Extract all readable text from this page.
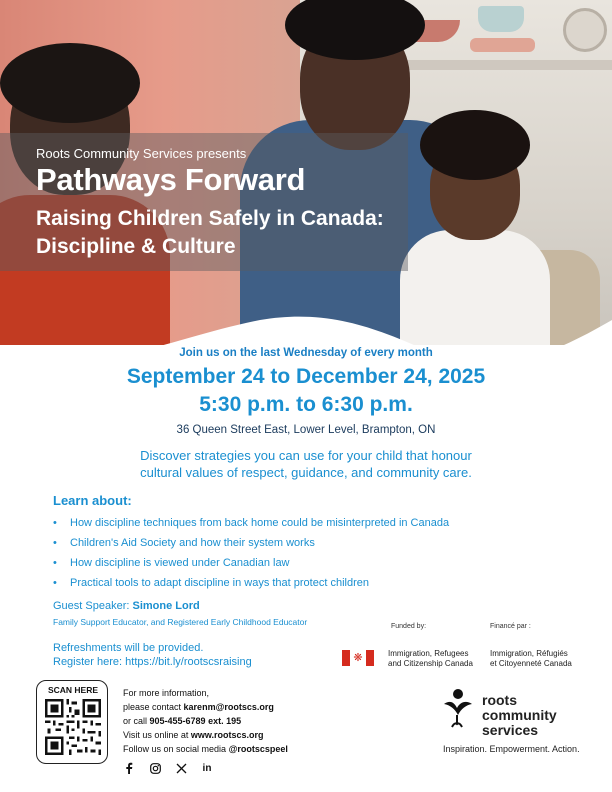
Roots Community Services presents
Pathways Forward
Raising Children Safely in Canada:
Discipline & Culture
Join us on the last Wednesday of every month
September 24 to December 24, 2025
5:30 p.m. to 6:30 p.m.
36 Queen Street East, Lower Level, Brampton, ON
Discover strategies you can use for your child that honour
cultural values of respect, guidance, and community care.
Learn about:
• How discipline techniques from back home could be misinterpreted in Canada
• Children's Aid Society and how their system works
• How discipline is viewed under Canadian law
• Practical tools to adapt discipline in ways that protect children
Guest Speaker: Simone Lord
Family Support Educator, and Registered Early Childhood Educator
Refreshments will be provided.
Register here: https://bit.ly/rootscsraising
Funded by:	Financé par :
❋	Immigration, Refugees
and Citizenship Canada
Immigration, Réfugiés
et Citoyenneté Canada
SCAN HERE	For more information,
please contact karenm@rootscs.org
or call 905-455-6789 ext. 195
Visit us online at www.rootscs.org
Follow us on social media @rootscspeel
in
roots
community
services
Inspiration. Empowerment. Action.
